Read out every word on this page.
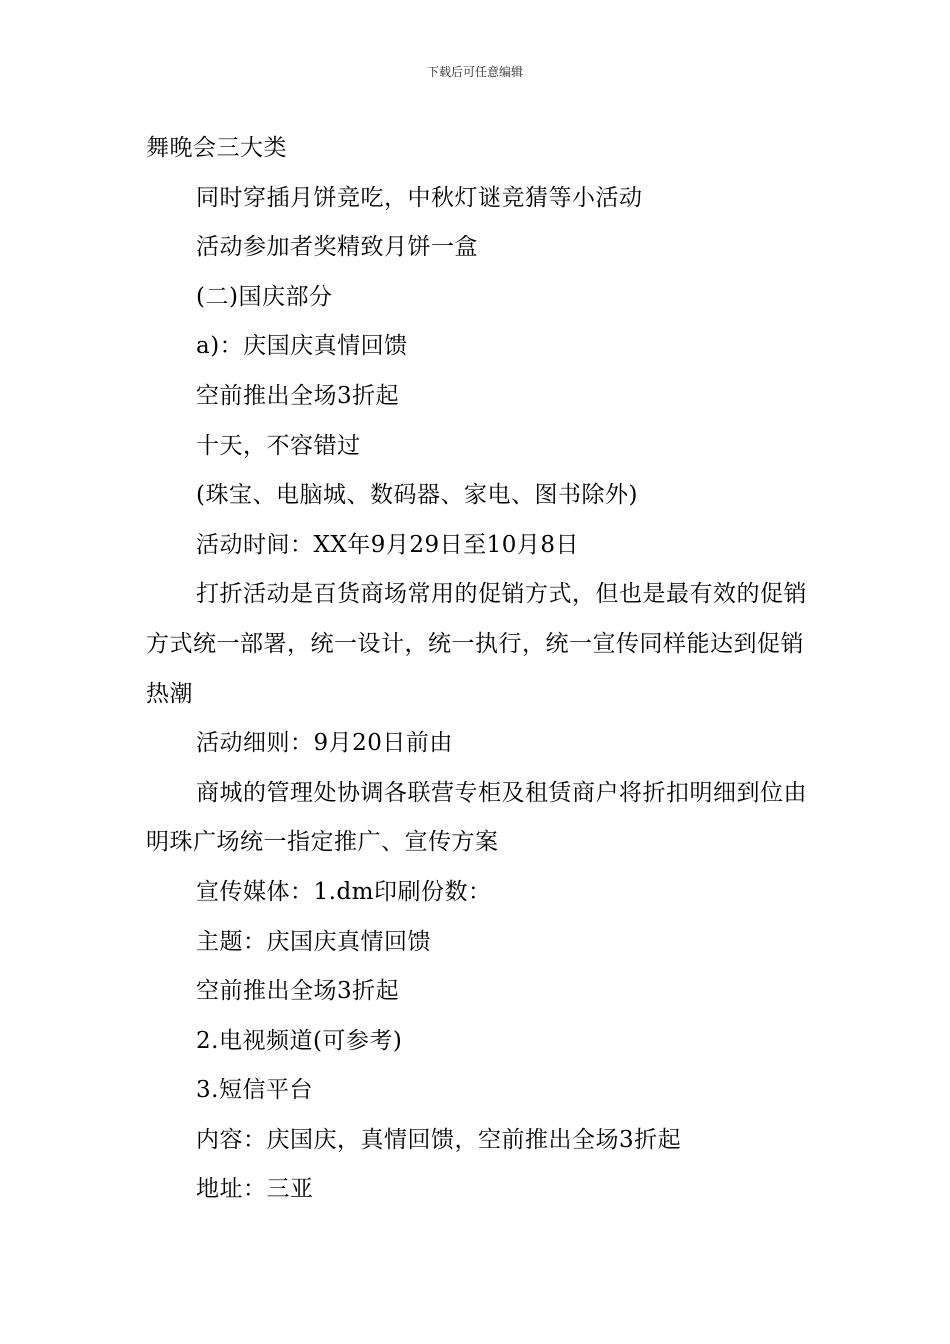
下载后可任意编辑

舞晚会三大类

同时穿插月饼竞吃，中秋灯谜竞猜等小活动

活动参加者奖精致月饼一盒

(二)国庆部分

a)：庆国庆真情回馈

空前推出全场3折起

十天，不容错过

(珠宝、电脑城、数码器、家电、图书除外)

活动时间：XX年9月29日至10月8日

打折活动是百货商场常用的促销方式，但也是最有效的促销方式统一部署，统一设计，统一执行，统一宣传同样能达到促销热潮

活动细则：9月20日前由

商城的管理处协调各联营专柜及租赁商户将折扣明细到位由明珠广场统一指定推广、宣传方案

宣传媒体：1.dm印刷份数：

主题：庆国庆真情回馈

空前推出全场3折起

2.电视频道(可参考)

3.短信平台

内容：庆国庆，真情回馈，空前推出全场3折起

地址：三亚
